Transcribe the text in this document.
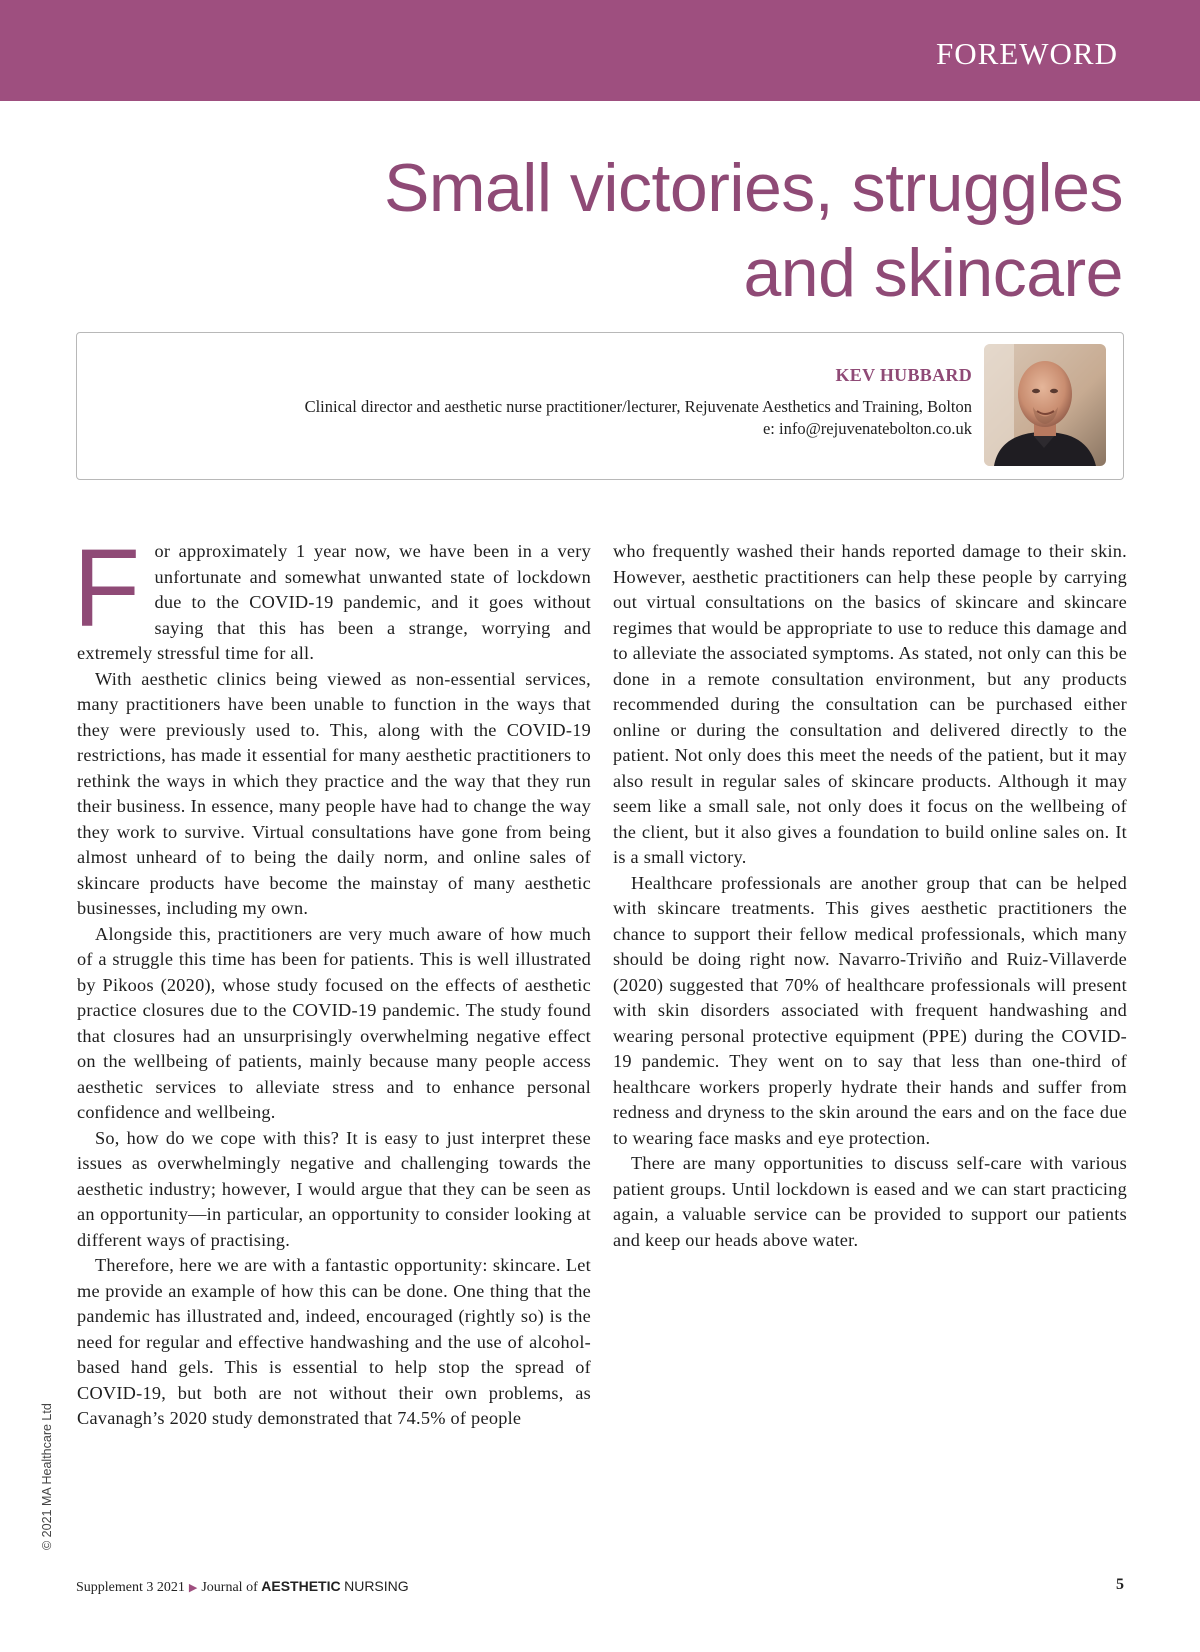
FOREWORD
Small victories, struggles
and skincare
KEV HUBBARD
Clinical director and aesthetic nurse practitioner/lecturer, Rejuvenate Aesthetics and Training, Bolton
e: info@rejuvenatebolton.co.uk

For approximately 1 year now, we have been in a very unfortunate and somewhat unwanted state of lockdown due to the COVID-19 pandemic, and it goes without saying that this has been a strange, worrying and extremely stressful time for all.

With aesthetic clinics being viewed as non-essential services, many practitioners have been unable to function in the ways that they were previously used to. This, along with the COVID-19 restrictions, has made it essential for many aesthetic practitioners to rethink the ways in which they practice and the way that they run their business. In essence, many people have had to change the way they work to survive. Virtual consultations have gone from being almost unheard of to being the daily norm, and online sales of skincare products have become the mainstay of many aesthetic businesses, including my own.

Alongside this, practitioners are very much aware of how much of a struggle this time has been for patients. This is well illustrated by Pikoos (2020), whose study focused on the effects of aesthetic practice closures due to the COVID-19 pandemic. The study found that closures had an unsurprisingly overwhelming negative effect on the wellbeing of patients, mainly because many people access aesthetic services to alleviate stress and to enhance personal confidence and wellbeing.

So, how do we cope with this? It is easy to just interpret these issues as overwhelmingly negative and challenging towards the aesthetic industry; however, I would argue that they can be seen as an opportunity—in particular, an opportunity to consider looking at different ways of practising.

Therefore, here we are with a fantastic opportunity: skincare. Let me provide an example of how this can be done. One thing that the pandemic has illustrated and, indeed, encouraged (rightly so) is the need for regular and effective handwashing and the use of alcohol-based hand gels. This is essential to help stop the spread of COVID-19, but both are not without their own problems, as Cavanagh’s 2020 study demonstrated that 74.5% of people

who frequently washed their hands reported damage to their skin. However, aesthetic practitioners can help these people by carrying out virtual consultations on the basics of skincare and skincare regimes that would be appropriate to use to reduce this damage and to alleviate the associated symptoms. As stated, not only can this be done in a remote consultation environment, but any products recommended during the consultation can be purchased either online or during the consultation and delivered directly to the patient. Not only does this meet the needs of the patient, but it may also result in regular sales of skincare products. Although it may seem like a small sale, not only does it focus on the wellbeing of the client, but it also gives a foundation to build online sales on. It is a small victory.

Healthcare professionals are another group that can be helped with skincare treatments. This gives aesthetic practitioners the chance to support their fellow medical professionals, which many should be doing right now. Navarro-Triviño and Ruiz-Villaverde (2020) suggested that 70% of healthcare professionals will present with skin disorders associated with frequent handwashing and wearing personal protective equipment (PPE) during the COVID-19 pandemic. They went on to say that less than one-third of healthcare workers properly hydrate their hands and suffer from redness and dryness to the skin around the ears and on the face due to wearing face masks and eye protection.

There are many opportunities to discuss self-care with various patient groups. Until lockdown is eased and we can start practicing again, a valuable service can be provided to support our patients and keep our heads above water.

© 2021 MA Healthcare Ltd
Supplement 3 2021 ▶ Journal of AESTHETIC NURSING	5
